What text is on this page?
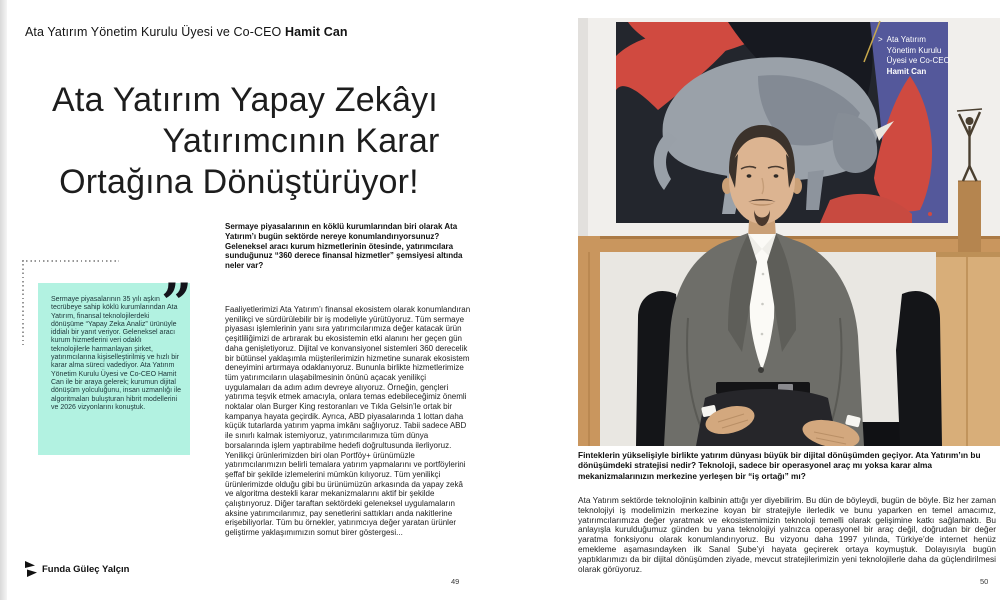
Ata Yatırım Yönetim Kurulu Üyesi ve Co-CEO Hamit Can
Ata Yatırım Yapay Zekâyı
Yatırımcının Karar
Ortağına Dönüştürüyor!
Sermaye piyasalarının 35 yılı aşkın tecrübeye sahip köklü kurumlarından Ata Yatırım, finansal teknolojilerdeki dönüşüme “Yapay Zeka Analiz” ürünüyle iddialı bir yanıt veriyor. Geleneksel aracı kurum hizmetlerini veri odaklı teknolojilerle harmanlayan şirket, yatırımcılarına kişiselleştirilmiş ve hızlı bir karar alma süreci vadediyor. Ata Yatırım Yönetim Kurulu Üyesi ve Co-CEO Hamit Can ile bir araya gelerek; kurumun dijital dönüşüm yolculuğunu, insan uzmanlığı ile algoritmaları buluşturan hibrit modellerini ve 2026 vizyonlarını konuştuk.
”
Sermaye piyasalarının en köklü kurumlarından biri olarak Ata Yatırım’ı bugün sektörde nereye konumlandırıyorsunuz? Geleneksel aracı kurum hizmetlerinin ötesinde, yatırımcılara sunduğunuz “360 derece finansal hizmetler” şemsiyesi altında neler var?
Faaliyetlerimizi Ata Yatırım’ı finansal ekosistem olarak konumlandıran yenilikçi ve sürdürülebilir bir iş modeliyle yürütüyoruz. Tüm sermaye piyasası işlemlerinin yanı sıra yatırımcılarımıza değer katacak ürün çeşitliliğimizi de artırarak bu ekosistemin etki alanını her geçen gün daha genişletiyoruz. Dijital ve konvansiyonel sistemleri 360 derecelik bir bütünsel yaklaşımla müşterilerimizin hizmetine sunarak ekosistem deneyimini artırmaya odaklanıyoruz. Bununla birlikte hizmetlerimize tüm yatırımcıların ulaşabilmesinin önünü açacak yenilikçi uygulamaları da adım adım devreye alıyoruz. Örneğin, gençleri yatırıma teşvik etmek amacıyla, onlara temas edebileceğimiz önemli noktalar olan Burger King restoranları ve Tıkla Gelsin’le ortak bir kampanya hayata geçirdik. Ayrıca, ABD piyasalarında 1 lottan daha küçük tutarlarda yatırım yapma imkânı sağlıyoruz. Tabii sadece ABD ile sınırlı kalmak istemiyoruz, yatırımcılarımıza tüm dünya borsalarında işlem yaptırabilme hedefi doğrultusunda ilerliyoruz. Yenilikçi ürünlerimizden biri olan Portföy+ ürünümüzle yatırımcılarımızın belirli temalara yatırım yapmalarını ve portföylerini şeffaf bir şekilde izlemelerini mümkün kılıyoruz. Tüm yenilikçi ürünlerimizde olduğu gibi bu ürünümüzün arkasında da yapay zekâ ve algoritma destekli karar mekanizmalarını aktif bir şekilde çalıştırıyoruz. Diğer taraftan sektördeki geleneksel uygulamaların aksine yatırımcılarımız, pay senetlerini sattıkları anda nakitlerine erişebiliyorlar. Tüm bu örnekler, yatırımcıya değer yaratan ürünler geliştirme yaklaşımımızın somut birer göstergesi...
49
Funda Güleç Yalçın
> Ata Yatırım
Yönetim Kurulu
Üyesi ve Co-CEO
Hamit Can
Finteklerin yükselişiyle birlikte yatırım dünyası büyük bir dijital dönüşümden geçiyor. Ata Yatırım’ın bu dönüşümdeki stratejisi nedir? Teknoloji, sadece bir operasyonel araç mı yoksa karar alma mekanizmalarınızın merkezine yerleşen bir “iş ortağı” mı?
Ata Yatırım sektörde teknolojinin kalbinin attığı yer diyebilirim. Bu dün de böyleydi, bugün de böyle. Biz her zaman teknolojiyi iş modelimizin merkezine koyan bir stratejiyle ilerledik ve bunu yaparken en temel amacımız, yatırımcılarımıza değer yaratmak ve ekosistemimizin teknoloji temelli olarak gelişimine katkı sağlamaktı. Bu anlayışla kurulduğumuz günden bu yana teknolojiyi yalnızca operasyonel bir araç değil, doğrudan bir değer yaratma fonksiyonu olarak konumlandırıyoruz. Bu vizyonu daha 1997 yılında, Türkiye’de internet henüz emekleme aşamasındayken ilk Sanal Şube’yi hayata geçirerek ortaya koymuştuk. Dolayısıyla bugün yaptıklarımızı da bir dijital dönüşümden ziyade, mevcut stratejilerimizin yeni teknolojilerle daha da güçlendirilmesi olarak görüyoruz.
50
